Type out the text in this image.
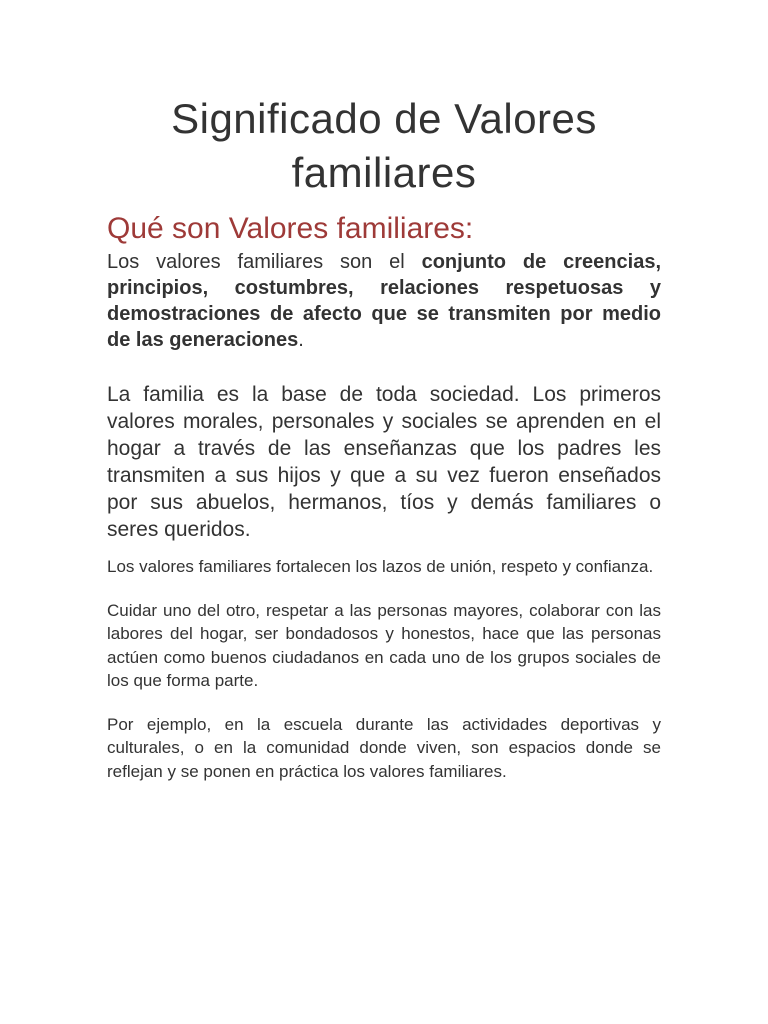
Significado de Valores familiares
Qué son Valores familiares:

Los valores familiares son el conjunto de creencias, principios, costumbres, relaciones respetuosas y demostraciones de afecto que se transmiten por medio de las generaciones.

La familia es la base de toda sociedad. Los primeros valores morales, personales y sociales se aprenden en el hogar a través de las enseñanzas que los padres les transmiten a sus hijos y que a su vez fueron enseñados por sus abuelos, hermanos, tíos y demás familiares o seres queridos.

Los valores familiares fortalecen los lazos de unión, respeto y confianza.

Cuidar uno del otro, respetar a las personas mayores, colaborar con las labores del hogar, ser bondadosos y honestos, hace que las personas actúen como buenos ciudadanos en cada uno de los grupos sociales de los que forma parte.

Por ejemplo, en la escuela durante las actividades deportivas y culturales, o en la comunidad donde viven, son espacios donde se reflejan y se ponen en práctica los valores familiares.
